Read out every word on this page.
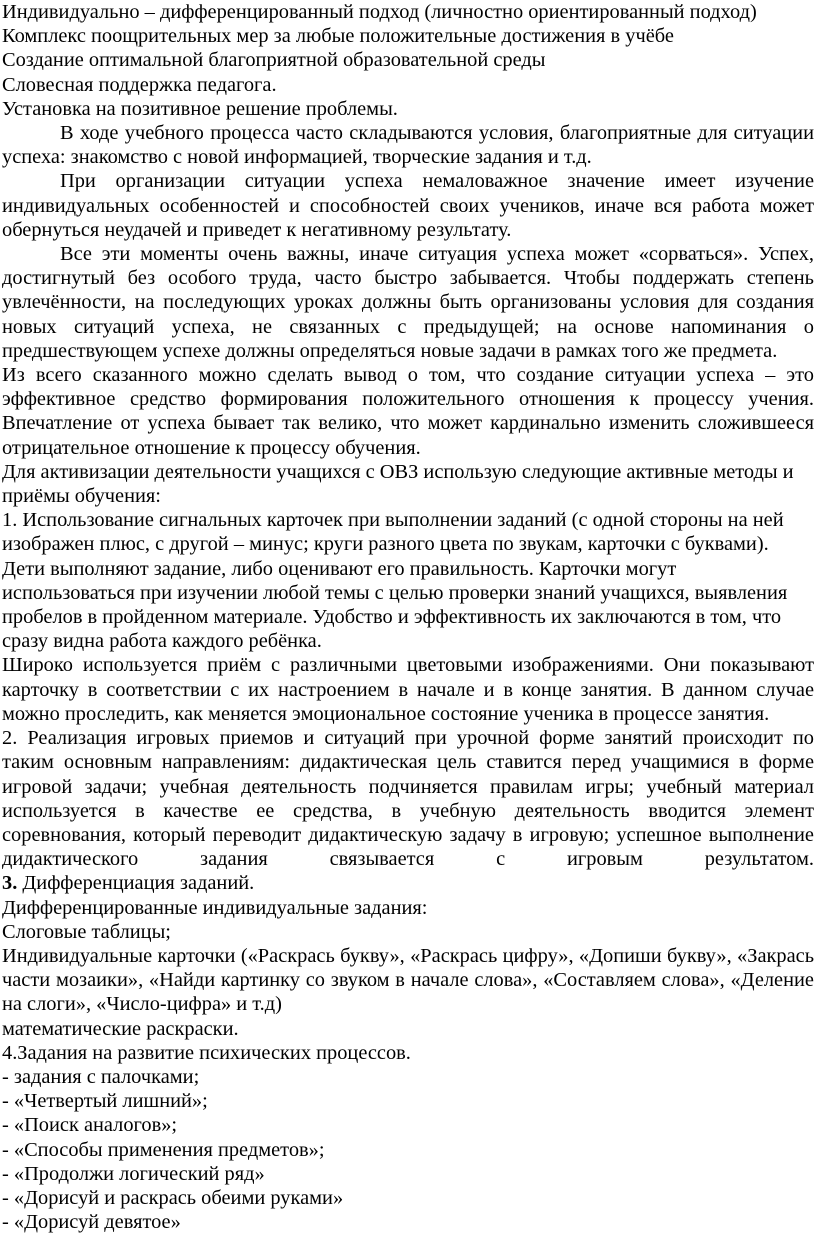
Индивидуально – дифференцированный подход (личностно ориентированный подход)

Комплекс поощрительных мер за любые положительные достижения в учёбе

Создание оптимальной благоприятной образовательной среды

Словесная поддержка педагога.

Установка на позитивное решение проблемы.

В ходе учебного процесса часто складываются условия, благоприятные для ситуации успеха: знакомство с новой информацией, творческие задания и т.д.

При организации ситуации успеха немаловажное значение имеет изучение индивидуальных особенностей и способностей своих учеников, иначе вся работа может обернуться неудачей и приведет к негативному результату.

Все эти моменты очень важны, иначе ситуация успеха может «сорваться». Успех, достигнутый без особого труда, часто быстро забывается. Чтобы поддержать степень увлечённости, на последующих уроках должны быть организованы условия для создания новых ситуаций успеха, не связанных с предыдущей; на основе напоминания о предшествующем успехе должны определяться новые задачи в рамках того же предмета.

Из всего сказанного можно сделать вывод о том, что создание ситуации успеха – это эффективное средство формирования положительного отношения к процессу учения. Впечатление от успеха бывает так велико, что может кардинально изменить сложившееся отрицательное отношение к процессу обучения.

Для активизации деятельности учащихся с ОВЗ использую следующие активные методы и приёмы обучения:

1. Использование сигнальных карточек при выполнении заданий (с одной стороны на ней

изображен плюс, с другой – минус; круги разного цвета по звукам, карточки с буквами).

Дети выполняют задание, либо оценивают его правильность. Карточки могут

использоваться при изучении любой темы с целью проверки знаний учащихся, выявления

пробелов в пройденном материале. Удобство и эффективность их заключаются в том, что

сразу видна работа каждого ребёнка.

Широко используется приём с различными цветовыми изображениями. Они показывают карточку в соответствии с их настроением в начале и в конце занятия. В данном случае можно проследить, как меняется эмоциональное состояние ученика в процессе занятия.

2. Реализация игровых приемов и ситуаций при урочной форме занятий происходит по таким основным направлениям: дидактическая цель ставится перед учащимися в форме игровой задачи; учебная деятельность подчиняется правилам игры; учебный материал используется в качестве ее средства, в учебную деятельность вводится элемент соревнования, который переводит дидактическую задачу в игровую; успешное выполнение дидактического задания связывается с игровым результатом.

3. Дифференциация заданий.

Дифференцированные индивидуальные задания:

Слоговые таблицы;

Индивидуальные карточки («Раскрась букву», «Раскрась цифру», «Допиши букву», «Закрась части мозаики», «Найди картинку со звуком в начале слова», «Составляем слова», «Деление на слоги», «Число-цифра» и т.д)

математические раскраски.

4.Задания на развитие психических процессов.

- задания с палочками;

- «Четвертый лишний»;

- «Поиск аналогов»;

- «Способы применения предметов»;

- «Продолжи логический ряд»

- «Дорисуй и раскрась обеими руками»

- «Дорисуй девятое»
